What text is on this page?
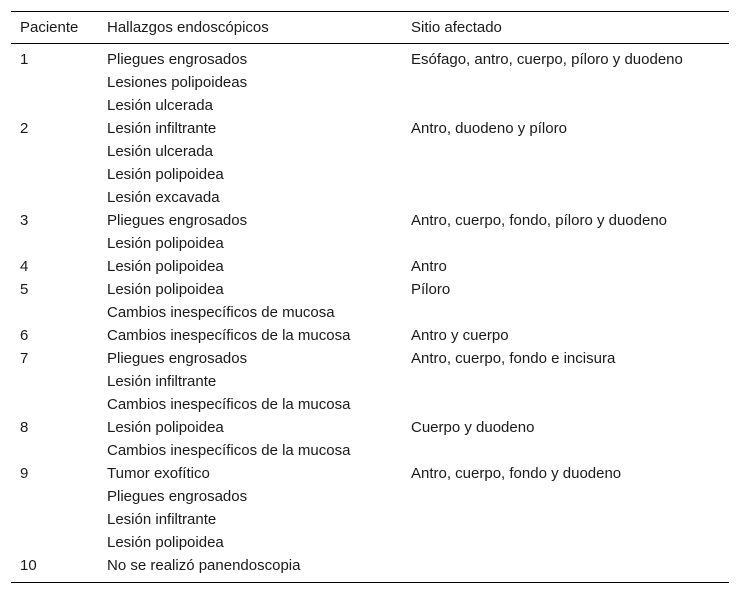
Paciente	Hallazgos endoscópicos	Sitio afectado
1	Pliegues engrosados
Lesiones polipoideas
Lesión ulcerada	Esófago, antro, cuerpo, píloro y duodeno
2	Lesión infiltrante
Lesión ulcerada
Lesión polipoidea
Lesión excavada	Antro, duodeno y píloro
3	Pliegues engrosados
Lesión polipoidea	Antro, cuerpo, fondo, píloro y duodeno
4	Lesión polipoidea	Antro
5	Lesión polipoidea
Cambios inespecíficos de mucosa	Píloro
6	Cambios inespecíficos de la mucosa	Antro y cuerpo
7	Pliegues engrosados
Lesión infiltrante
Cambios inespecíficos de la mucosa	Antro, cuerpo, fondo e incisura
8	Lesión polipoidea
Cambios inespecíficos de la mucosa	Cuerpo y duodeno
9	Tumor exofítico
Pliegues engrosados
Lesión infiltrante
Lesión polipoidea	Antro, cuerpo, fondo y duodeno
10	No se realizó panendoscopia	
